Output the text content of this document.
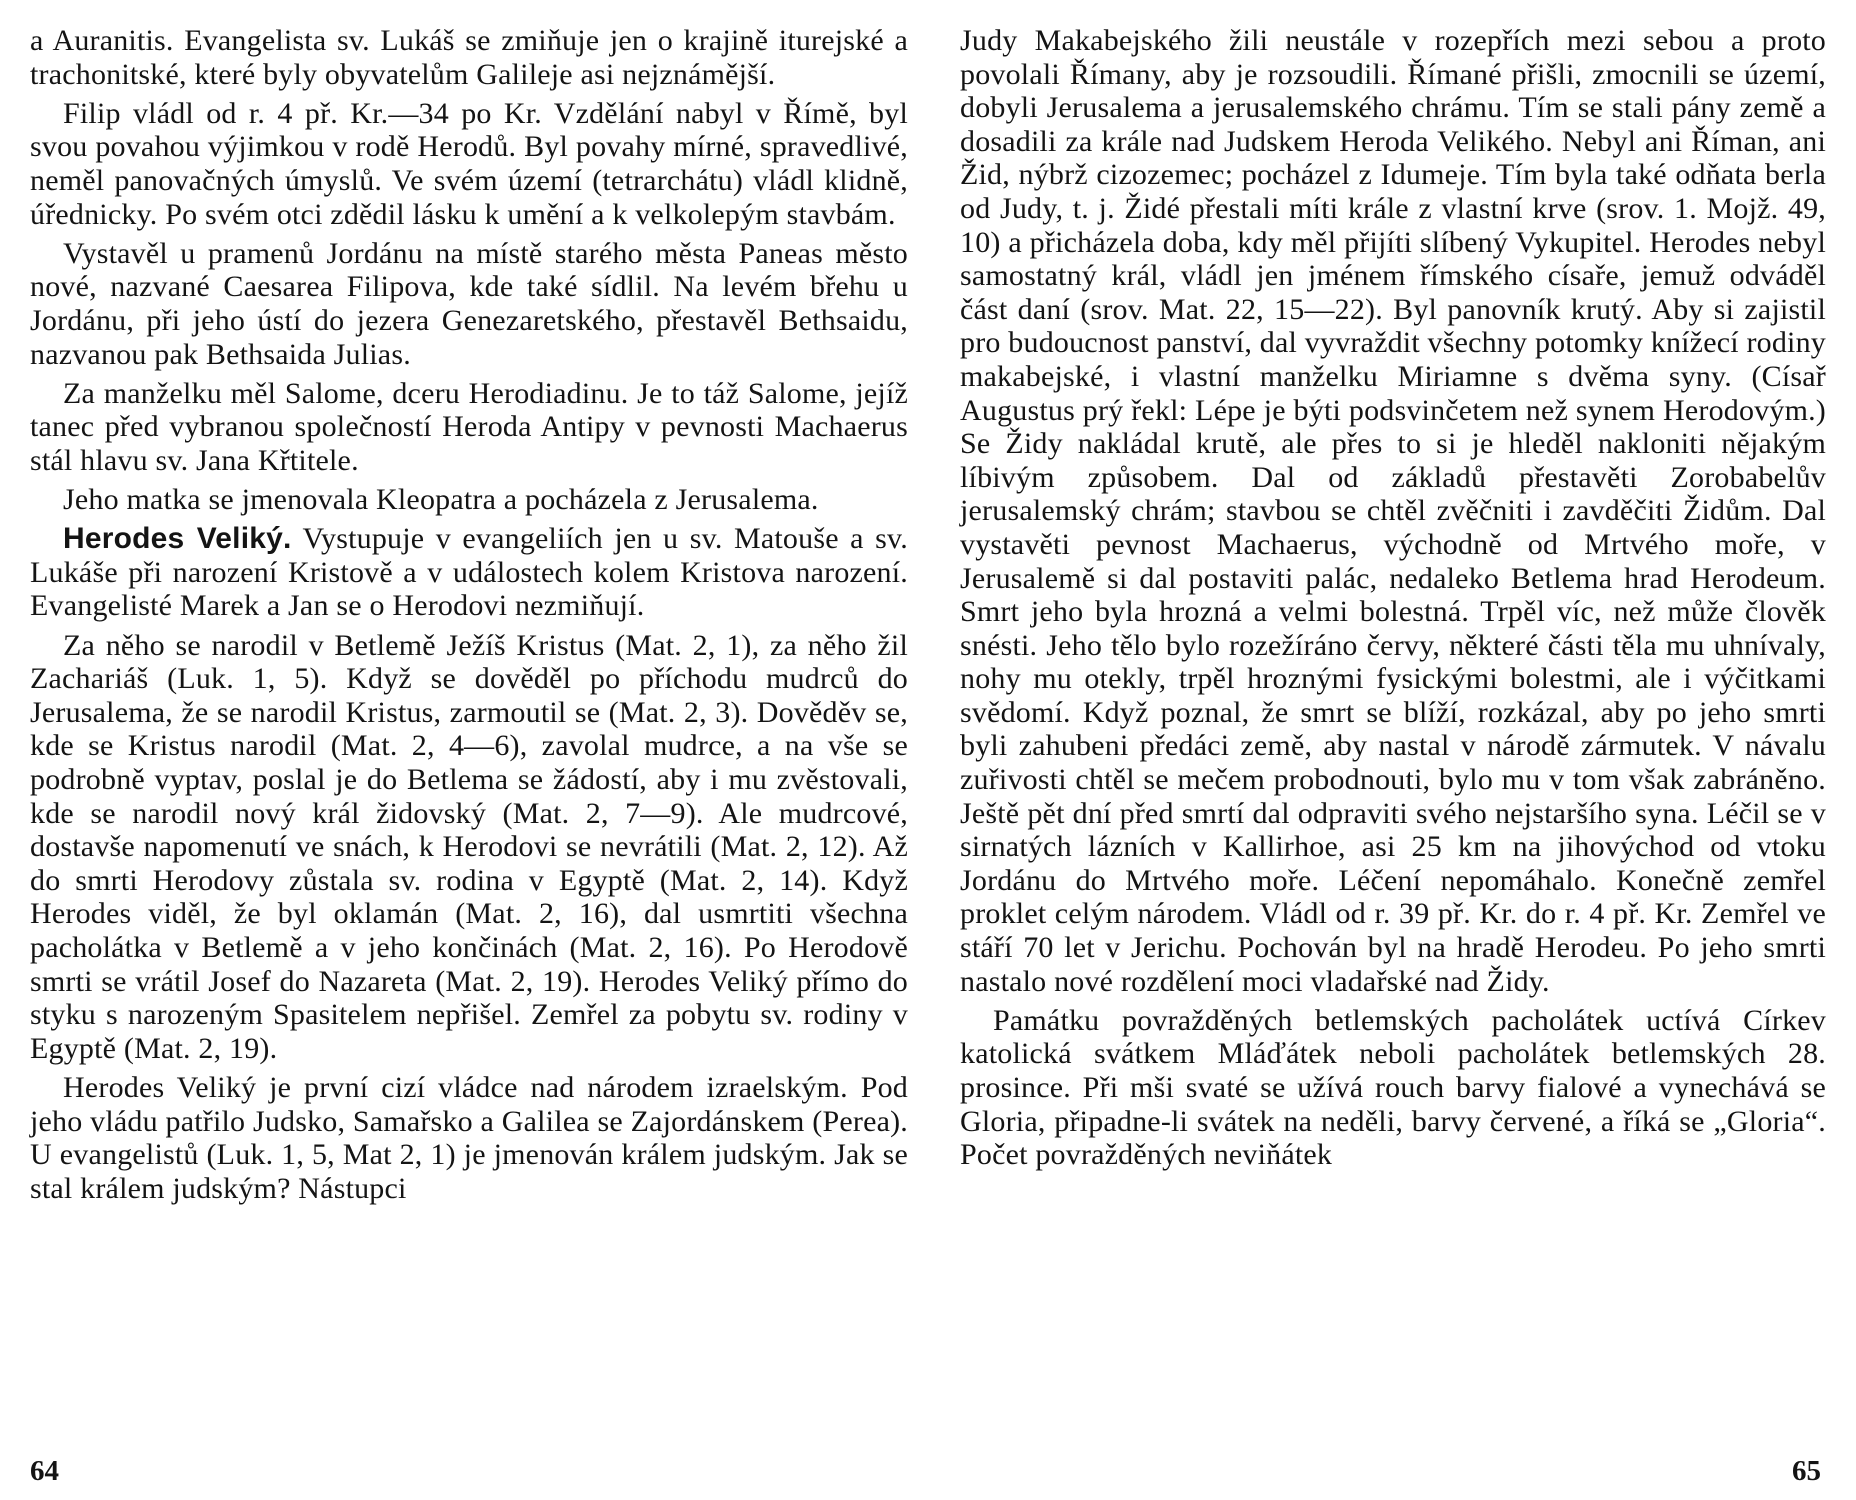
a Auranitis. Evangelista sv. Lukáš se zmiňuje jen o krajině iturejské a trachonitské, které byly obyvatelům Galileje asi nejznámější.

Filip vládl od r. 4 př. Kr.—34 po Kr. Vzdělání nabyl v Římě, byl svou povahou výjimkou v rodě Herodů. Byl povahy mírné, spravedlivé, neměl panovačných úmyslů. Ve svém území (tetrarchátu) vládl klidně, úřednicky. Po svém otci zdědil lásku k umění a k velkolepým stavbám.

Vystavěl u pramenů Jordánu na místě starého města Paneas město nové, nazvané Caesarea Filipova, kde také sídlil. Na levém břehu u Jordánu, při jeho ústí do jezera Genezaretského, přestavěl Bethsaidu, nazvanou pak Bethsaida Julias.

Za manželku měl Salome, dceru Herodiadinu. Je to táž Salome, jejíž tanec před vybranou společností Heroda Antipy v pevnosti Machaerus stál hlavu sv. Jana Křtitele.

Jeho matka se jmenovala Kleopatra a pocházela z Jerusalema.

Herodes Veliký. Vystupuje v evangeliích jen u sv. Matouše a sv. Lukáše při narození Kristově a v událostech kolem Kristova narození. Evangelisté Marek a Jan se o Herodovi nezmiňují.

Za něho se narodil v Betlemě Ježíš Kristus (Mat. 2, 1), za něho žil Zachariáš (Luk. 1, 5). Když se dověděl po příchodu mudrců do Jerusalema, že se narodil Kristus, zarmoutil se (Mat. 2, 3). Dověděv se, kde se Kristus narodil (Mat. 2, 4—6), zavolal mudrce, a na vše se podrobně vyptav, poslal je do Betlema se žádostí, aby i mu zvěstovali, kde se narodil nový král židovský (Mat. 2, 7—9). Ale mudrcové, dostavše napomenutí ve snách, k Herodovi se nevrátili (Mat. 2, 12). Až do smrti Herodovy zůstala sv. rodina v Egyptě (Mat. 2, 14). Když Herodes viděl, že byl oklamán (Mat. 2, 16), dal usmrtiti všechna pacholátka v Betlemě a v jeho končinách (Mat. 2, 16). Po Herodově smrti se vrátil Josef do Nazareta (Mat. 2, 19). Herodes Veliký přímo do styku s narozeným Spasitelem nepřišel. Zemřel za pobytu sv. rodiny v Egyptě (Mat. 2, 19).

Herodes Veliký je první cizí vládce nad národem izraelským. Pod jeho vládu patřilo Judsko, Samařsko a Galilea se Zajordánskem (Perea). U evangelistů (Luk. 1, 5, Mat 2, 1) je jmenován králem judským. Jak se stal králem judským? Nástupci

64

Judy Makabejského žili neustále v rozepřích mezi sebou a proto povolali Římany, aby je rozsoudili. Římané přišli, zmocnili se území, dobyli Jerusalema a jerusalemského chrámu. Tím se stali pány země a dosadili za krále nad Judskem Heroda Velikého. Nebyl ani Říman, ani Žid, nýbrž cizozemec; pocházel z Idumeje. Tím byla také odňata berla od Judy, t. j. Židé přestali míti krále z vlastní krve (srov. 1. Mojž. 49, 10) a přicházela doba, kdy měl přijíti slíbený Vykupitel. Herodes nebyl samostatný král, vládl jen jménem římského císaře, jemuž odváděl část daní (srov. Mat. 22, 15—22). Byl panovník krutý. Aby si zajistil pro budoucnost panství, dal vyvraždit všechny potomky knížecí rodiny makabejské, i vlastní manželku Miriamne s dvěma syny. (Císař Augustus prý řekl: Lépe je býti podsvinčetem než synem Herodovým.) Se Židy nakládal krutě, ale přes to si je hleděl nakloniti nějakým líbivým způsobem. Dal od základů přestavěti Zorobabelův jerusalemský chrám; stavbou se chtěl zvěčniti i zavděčiti Židům. Dal vystavěti pevnost Machaerus, východně od Mrtvého moře, v Jerusalemě si dal postaviti palác, nedaleko Betlema hrad Herodeum. Smrt jeho byla hrozná a velmi bolestná. Trpěl víc, než může člověk snésti. Jeho tělo bylo rozežíráno červy, některé části těla mu uhnívaly, nohy mu otekly, trpěl hroznými fysickými bolestmi, ale i výčitkami svědomí. Když poznal, že smrt se blíží, rozkázal, aby po jeho smrti byli zahubeni předáci země, aby nastal v národě zármutek. V návalu zuřivosti chtěl se mečem probodnouti, bylo mu v tom však zabráněno. Ještě pět dní před smrtí dal odpraviti svého nejstaršího syna. Léčil se v sirnatých lázních v Kallirhoe, asi 25 km na jihovýchod od vtoku Jordánu do Mrtvého moře. Léčení nepomáhalo. Konečně zemřel proklet celým národem. Vládl od r. 39 př. Kr. do r. 4 př. Kr. Zemřel ve stáří 70 let v Jerichu. Pochován byl na hradě Herodeu. Po jeho smrti nastalo nové rozdělení moci vladařské nad Židy.

Památku povražděných betlemských pacholátek uctívá Církev katolická svátkem Mláďátek neboli pacholátek betlemských 28. prosince. Při mši svaté se užívá rouch barvy fialové a vynechává se Gloria, připadne-li svátek na neděli, barvy červené, a říká se „Gloria“. Počet povražděných neviňátek

65
